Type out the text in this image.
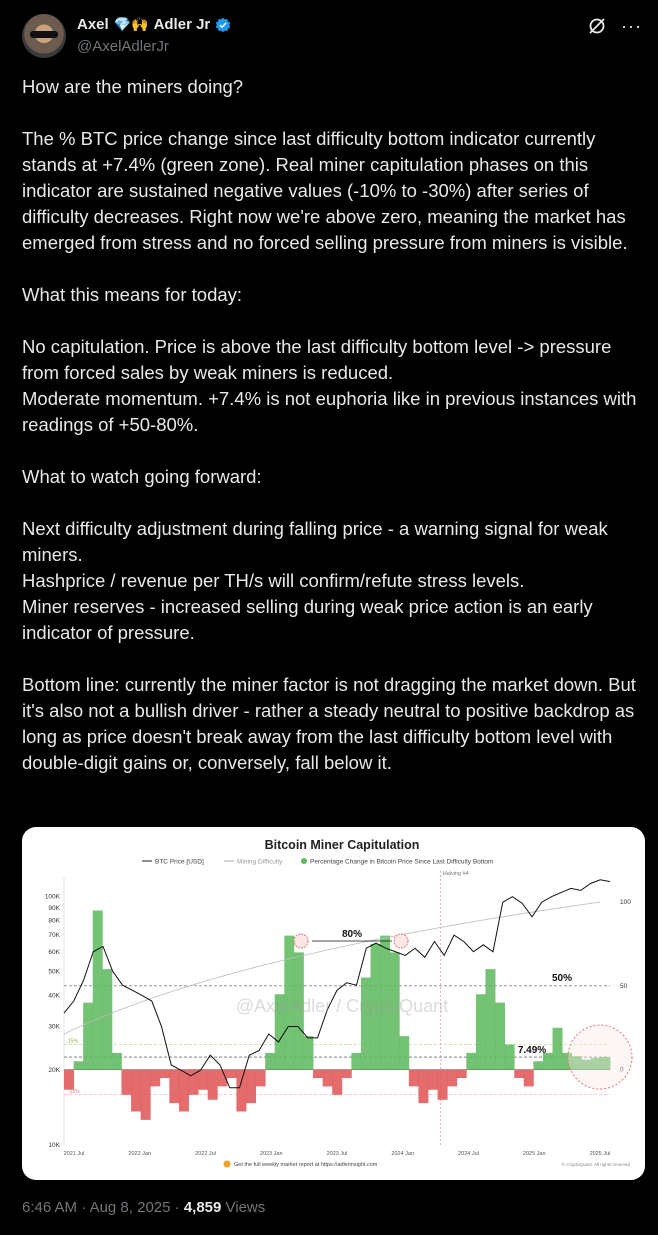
Axel 💎🙌 Adler Jr
@AxelAdlerJr
···
How are the miners doing?

The % BTC price change since last difficulty bottom indicator currently stands at +7.4% (green zone). Real miner capitulation phases on this indicator are sustained negative values (-10% to -30%) after series of difficulty decreases. Right now we're above zero, meaning the market has emerged from stress and no forced selling pressure from miners is visible.

What this means for today:

No capitulation. Price is above the last difficulty bottom level -> pressure from forced sales by weak miners is reduced.
Moderate momentum. +7.4% is not euphoria like in previous instances with readings of +50-80%.

What to watch going forward:

Next difficulty adjustment during falling price - a warning signal for weak miners.
Hashprice / revenue per TH/s will confirm/refute stress levels.
Miner reserves - increased selling during weak price action is an early indicator of pressure.

Bottom line: currently the miner factor is not dragging the market down. But it's also not a bullish driver - rather a steady neutral to positive backdrop as long as price doesn't break away from the last difficulty bottom level with double-digit gains or, conversely, fall below it.
Bitcoin Miner Capitulation
BTC Price [USD]	Mining Difficulty	Percentage Change in Bitcoin Price Since Last Difficulty Bottom
100K
90K
80K
70K
60K
50K
40K
30K
20K
10K
100
50
0
2021 Jul	2022 Jan	2022 Jul	2023 Jan	2023 Jul	2024 Jan	2024 Jul	2025 Jan	2025 Jul
Halving #4
80%
50%
7.49%
15%
-15%
@AxelAdler / CryptoQuant
Get the full weekly market report at https://adlerinsight.com	© CryptoQuant. All rights reserved
6:46 AM · Aug 8, 2025 · 4,859 Views
